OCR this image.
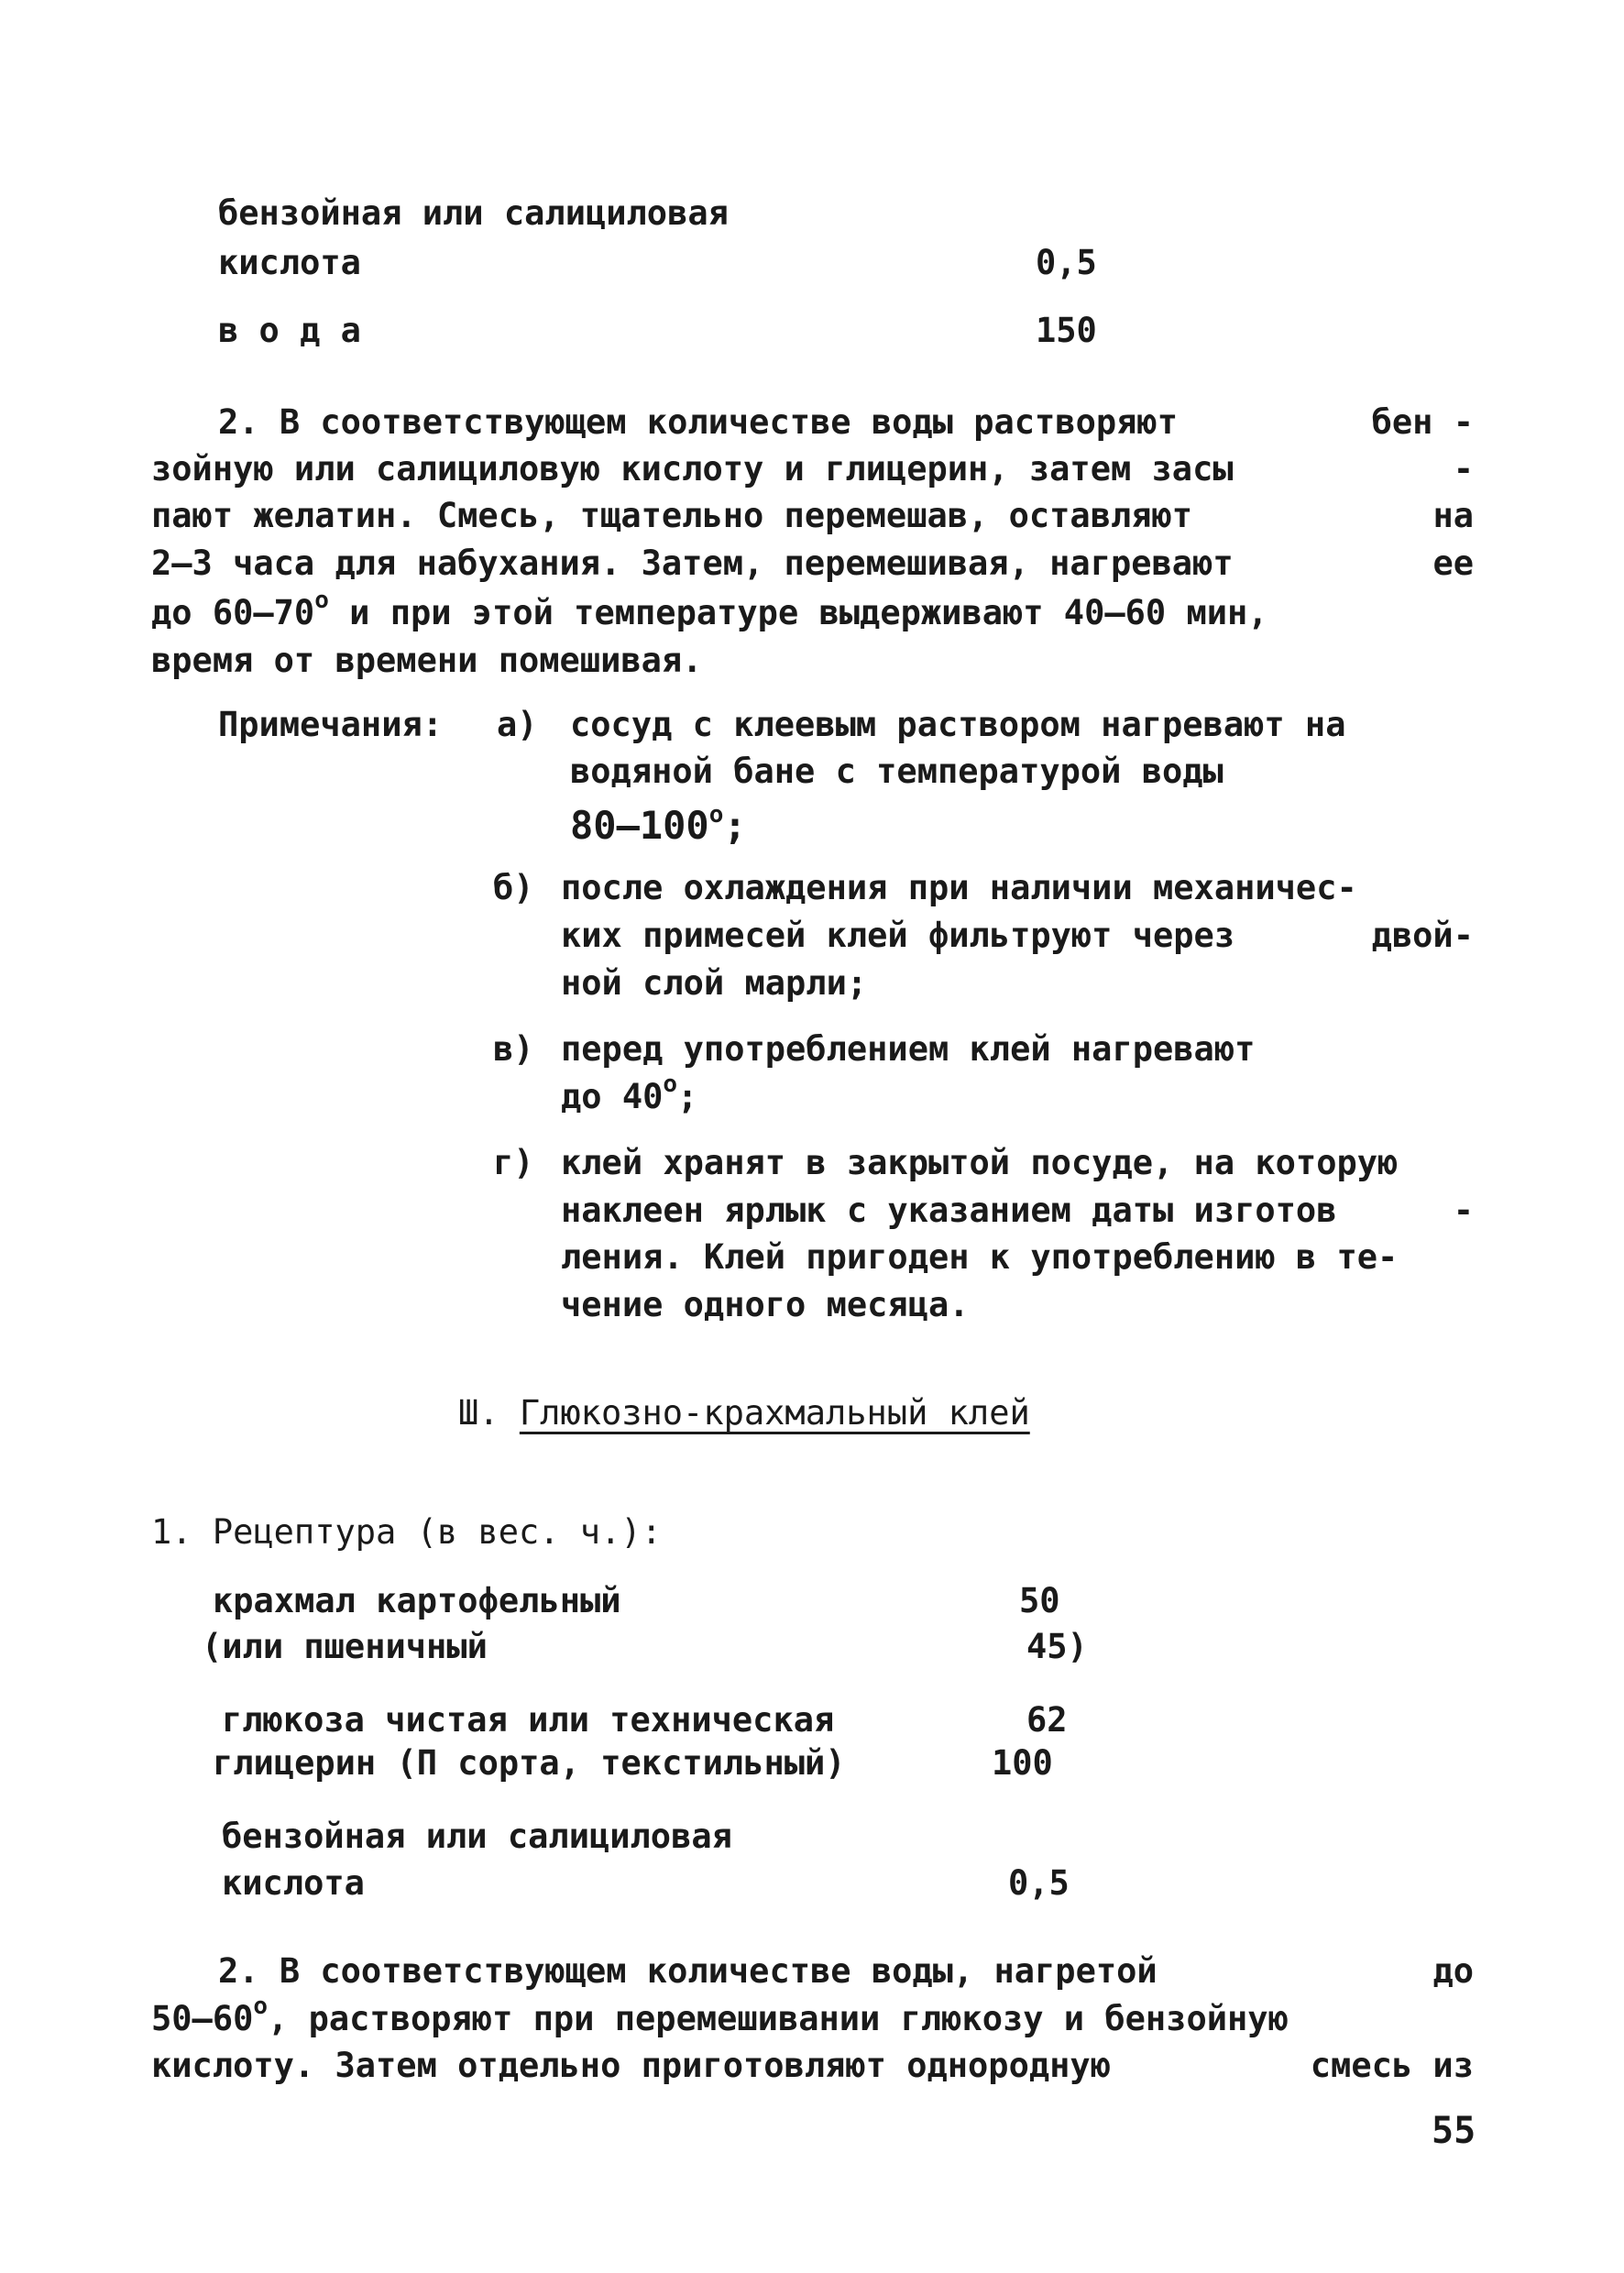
бензойная или салициловая
кислота	0,5
в о д а	150
2. В соответствующем количестве воды растворяют	бен -
зойную или салициловую кислоту и глицерин, затем засы	-
пают желатин. Смесь, тщательно перемешав, оставляют	на
2–3 часа для набухания. Затем, перемешивая, нагревают	ее
до $60-70^о$ и при этой температуре выдерживают 40–60 мин,
время от времени помешивая.
Примечания: а) сосуд с клеевым раствором нагревают на
водяной бане с температурой воды
$80-100^о$;
б) после охлаждения при наличии механичес-
ких примесей клей фильтруют через	двой-
ной слой марли;
в) перед употреблением клей нагревают
до $40^о$;
г) клей хранят в закрытой посуде, на которую
наклеен ярлык с указанием даты изготов	-
ления. Клей пригоден к употреблению в те-
чение одного месяца.
Ш. Глюкозно-крахмальный клей
1. Рецептура (в вес. ч.):
крахмал картофельный	50
(или пшеничный	45)
глюкоза чистая или техническая	62
глицерин (П сорта, текстильный)	100
бензойная или салициловая
кислота	0,5
2. В соответствующем количестве воды, нагретой	до
$50-60^о$, растворяют при перемешивании глюкозу и бензойную
кислоту. Затем отдельно приготовляют однородную	смесь из
55
